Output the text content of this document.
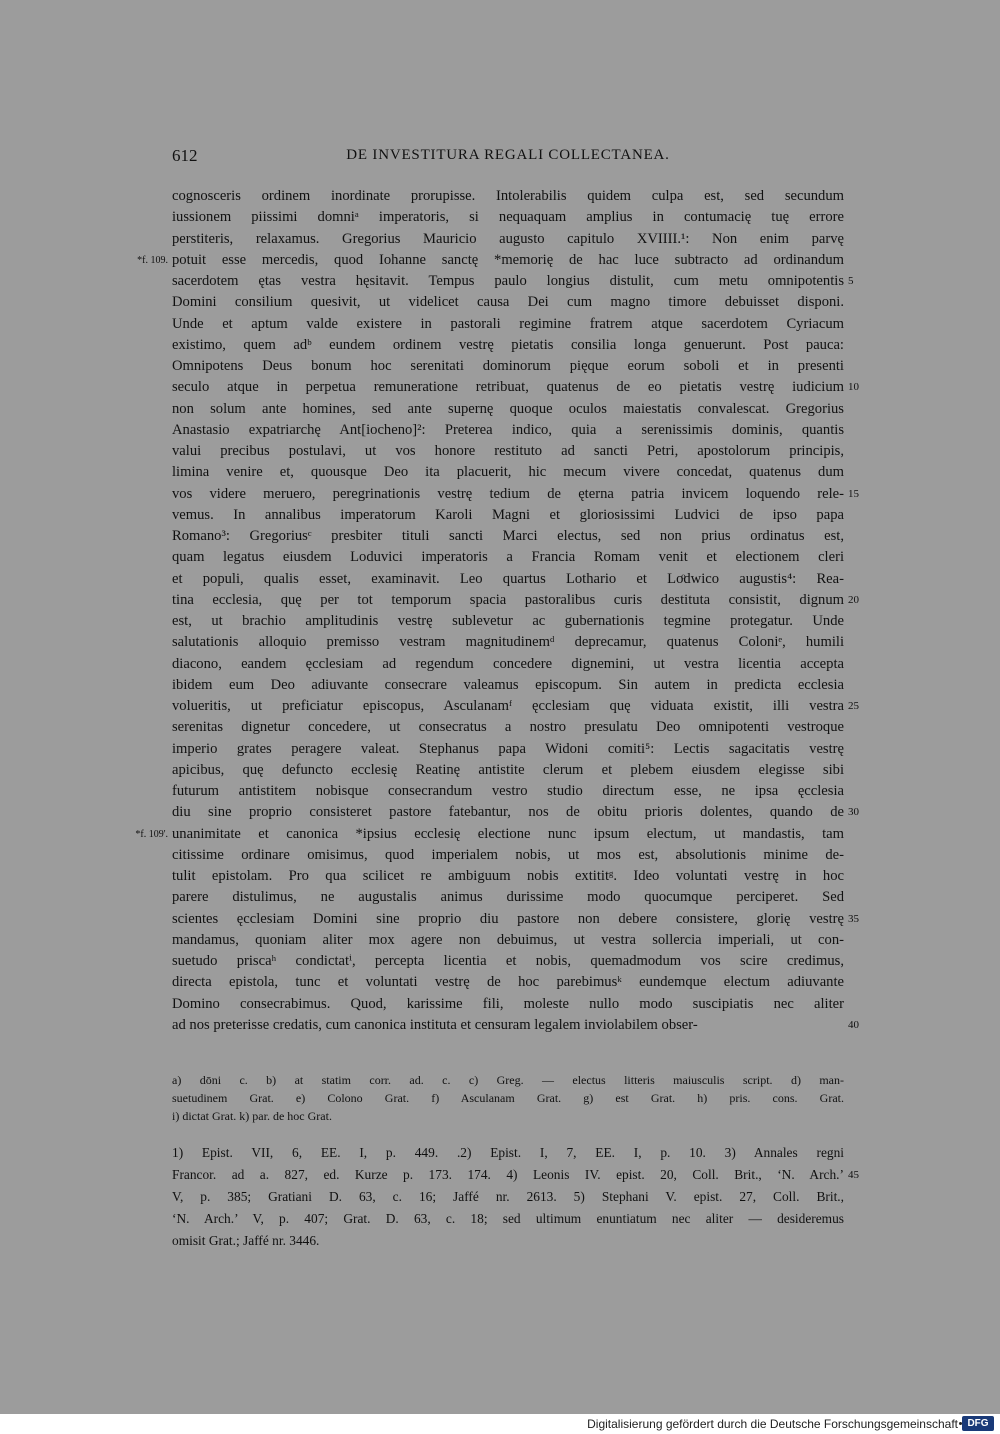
612	DE INVESTITURA REGALI COLLECTANEA.
cognosceris ordinem inordinate prorupisse. Intolerabilis quidem culpa est, sed secundum
iussionem piissimi domniᵃ imperatoris, si nequaquam amplius in contumacię tuę errore
perstiteris, relaxamus. Gregorius Mauricio augusto capitulo XVIIII.¹: Non enim parvę
potuit esse mercedis, quod Iohanne sanctę *memorię de hac luce subtracto ad ordinandum
*f. 109.
sacerdotem ętas vestra hęsitavit. Tempus paulo longius distulit, cum metu omnipotentis 5
Domini consilium quesivit, ut videlicet causa Dei cum magno timore debuisset disponi.
Unde et aptum valde existere in pastorali regimine fratrem atque sacerdotem Cyriacum
existimo, quem adᵇ eundem ordinem vestrę pietatis consilia longa genuerunt. Post pauca:
Omnipotens Deus bonum hoc serenitati dominorum pięque eorum soboli et in presenti
seculo atque in perpetua remuneratione retribuat, quatenus de eo pietatis vestrę iudicium 10
non solum ante homines, sed ante supernę quoque oculos maiestatis convalescat. Gregorius
Anastasio expatriarchę Ant[iocheno]²: Preterea indico, quia a serenissimis dominis, quantis
valui precibus postulavi, ut vos honore restituto ad sancti Petri, apostolorum principis,
limina venire et, quousque Deo ita placuerit, hic mecum vivere concedat, quatenus dum
vos videre meruero, peregrinationis vestrę tedium de ęterna patria invicem loquendo rele- 15
vemus. In annalibus imperatorum Karoli Magni et gloriosissimi Ludvici de ipso papa
Romano³: Gregoriusᶜ presbiter tituli sancti Marci electus, sed non prius ordinatus est,
quam legatus eiusdem Loduvici imperatoris a Francia Romam venit et electionem cleri
et populi, qualis esset, examinavit. Leo quartus Lothario et Loͦdwico augustis⁴: Rea-
tina ecclesia, quę per tot temporum spacia pastoralibus curis destituta consistit, dignum 20
est, ut brachio amplitudinis vestrę sublevetur ac gubernationis tegmine protegatur. Unde
salutationis alloquio premisso vestram magnitudinemᵈ deprecamur, quatenus Coloniᵉ, humili
diacono, eandem ęcclesiam ad regendum concedere dignemini, ut vestra licentia accepta
ibidem eum Deo adiuvante consecrare valeamus episcopum. Sin autem in predicta ecclesia
volueritis, ut preficiatur episcopus, Asculanamᶠ ęcclesiam quę viduata existit, illi vestra 25
serenitas dignetur concedere, ut consecratus a nostro presulatu Deo omnipotenti vestroque
imperio grates peragere valeat. Stephanus papa Widoni comiti⁵: Lectis sagacitatis vestrę
apicibus, quę defuncto ecclesię Reatinę antistite clerum et plebem eiusdem elegisse sibi
futurum antistitem nobisque consecrandum vestro studio directum esse, ne ipsa ęcclesia
diu sine proprio consisteret pastore fatebantur, nos de obitu prioris dolentes, quando de 30
unanimitate et canonica *ipsius ecclesię electione nunc ipsum electum, ut mandastis, tam
*f. 109'.
citissime ordinare omisimus, quod imperialem nobis, ut mos est, absolutionis minime de-
tulit epistolam. Pro qua scilicet re ambiguum nobis extititᵍ. Ideo voluntati vestrę in hoc
parere distulimus, ne augustalis animus durissime modo quocumque perciperet. Sed
scientes ęcclesiam Domini sine proprio diu pastore non debere consistere, glorię vestrę 35
mandamus, quoniam aliter mox agere non debuimus, ut vestra sollercia imperiali, ut con-
suetudo priscaʰ condictatⁱ, percepta licentia et nobis, quemadmodum vos scire credimus,
directa epistola, tunc et voluntati vestrę de hoc parebimusᵏ eundemque electum adiuvante
Domino consecrabimus. Quod, karissime fili, moleste nullo modo suscipiatis nec aliter
ad nos preterisse credatis, cum canonica instituta et censuram legalem inviolabilem obser-	40
a) dōni c. b) at statim corr. ad. c. c) Greg. — electus litteris maiusculis script. d) man-
suetudinem Grat. e) Colono Grat. f) Asculanam Grat. g) est Grat. h) pris. cons. Grat.
i) dictat Grat. k) par. de hoc Grat.
1) Epist. VII, 6, EE. I, p. 449. .2) Epist. I, 7, EE. I, p. 10. 3) Annales regni
Francor. ad a. 827, ed. Kurze p. 173. 174. 4) Leonis IV. epist. 20, Coll. Brit., ‘N. Arch.’ 45
V, p. 385; Gratiani D. 63, c. 16; Jaffé nr. 2613. 5) Stephani V. epist. 27, Coll. Brit.,
‘N. Arch.’ V, p. 407; Grat. D. 63, c. 18; sed ultimum enuntiatum nec aliter — desideremus
omisit Grat.; Jaffé nr. 3446.
Digitalisierung gefördert durch die Deutsche Forschungsgemeinschaft DFG
